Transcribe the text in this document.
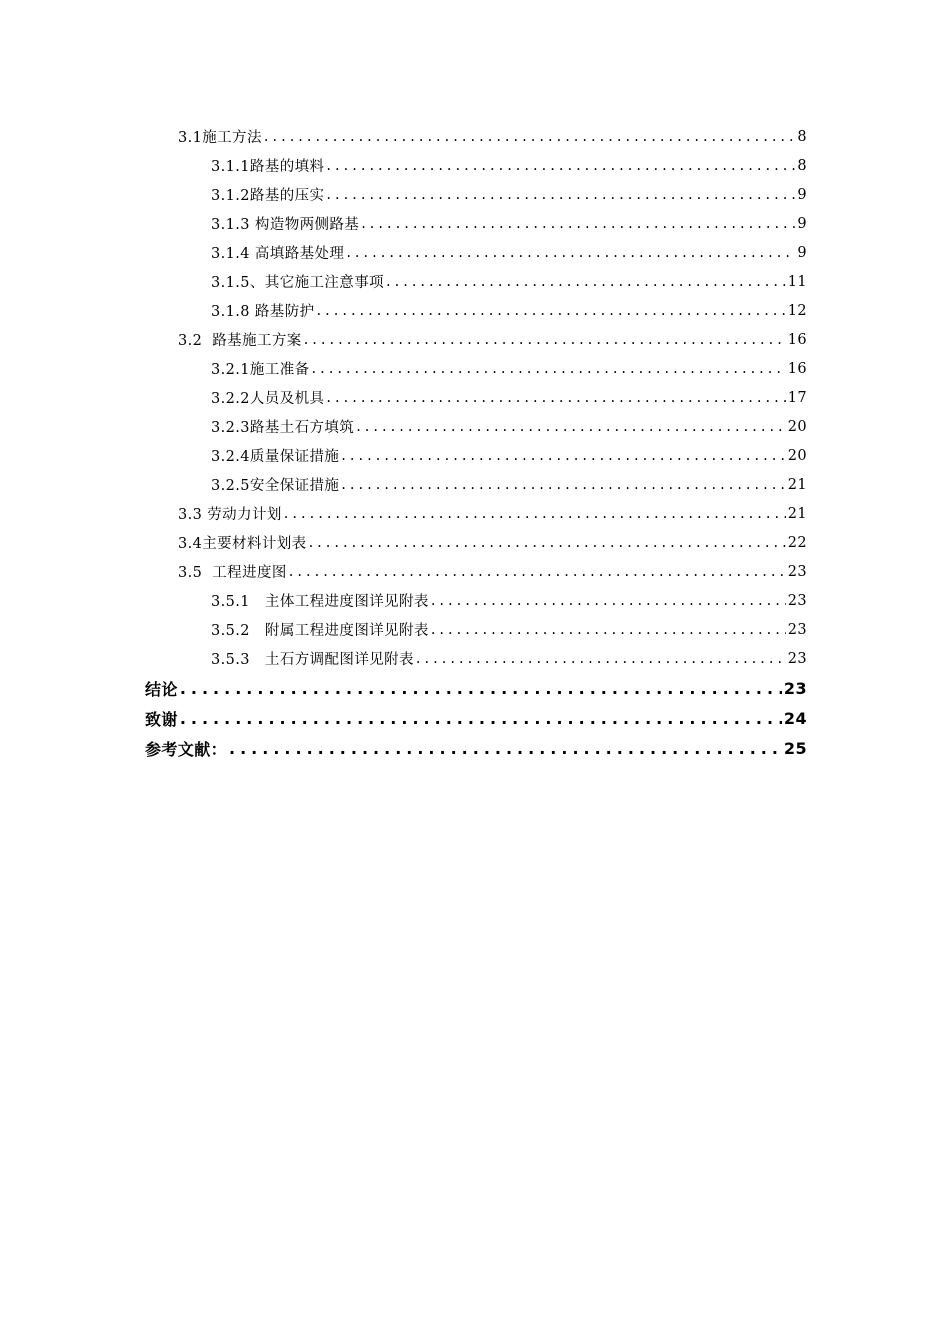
3.1施工方法 .....	8
3.1.1路基的填料 .....	8
3.1.2路基的压实 .....	9
3.1.3 构造物两侧路基 .....	9
3.1.4 高填路基处理 .....	9
3.1.5、其它施工注意事项 .....	11
3.1.8 路基防护 .....	12
3.2  路基施工方案 .....	16
3.2.1施工准备 .....	16
3.2.2人员及机具 .....	17
3.2.3路基土石方填筑 .....	20
3.2.4质量保证措施 .....	20
3.2.5安全保证措施 .....	21
3.3 劳动力计划 .....	21
3.4主要材料计划表 .....	22
3.5  工程进度图 .....	23
3.5.1   主体工程进度图详见附表 .....	23
3.5.2   附属工程进度图详见附表 .....	23
3.5.3   土石方调配图详见附表 .....	23
结论 .....	23
致谢 .....	24
参考文献： .....	25
